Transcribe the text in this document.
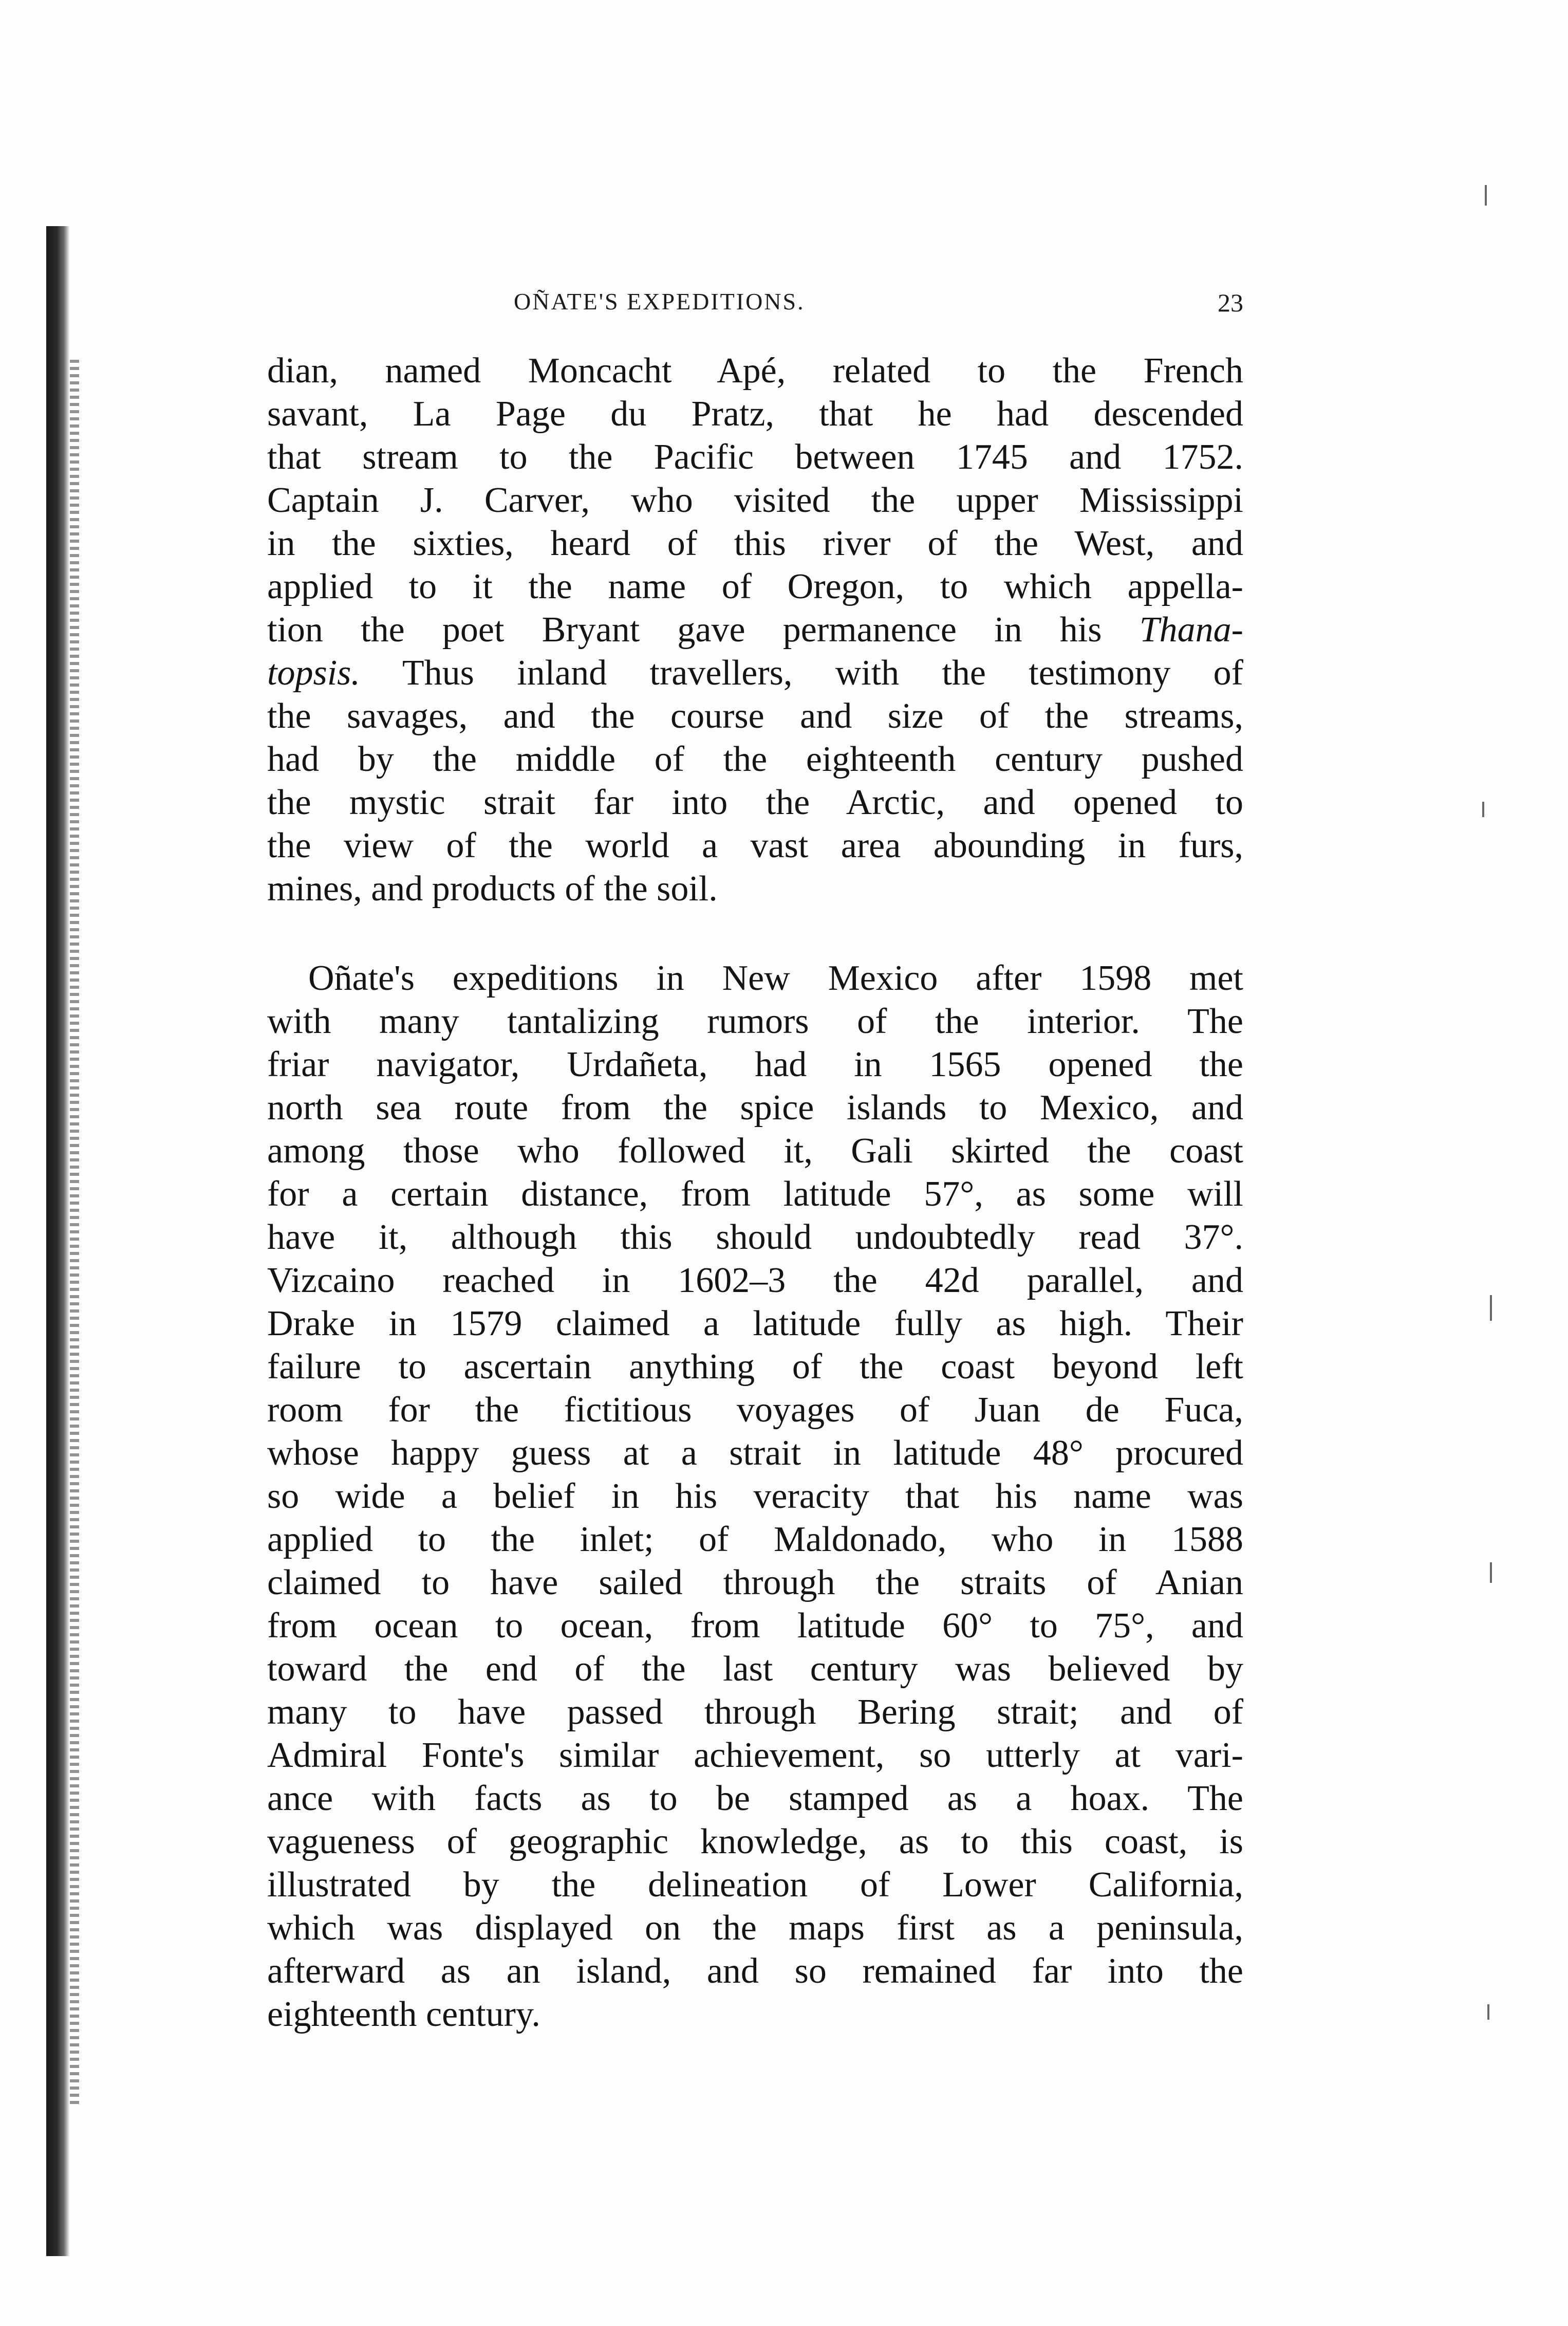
OÑATE'S EXPEDITIONS.	23
dian, named Moncacht Apé, related to the French
savant, La Page du Pratz, that he had descended
that stream to the Pacific between 1745 and 1752.
Captain J. Carver, who visited the upper Mississippi
in the sixties, heard of this river of the West, and
applied to it the name of Oregon, to which appella-
tion the poet Bryant gave permanence in his Thana-
topsis. Thus inland travellers, with the testimony of
the savages, and the course and size of the streams,
had by the middle of the eighteenth century pushed
the mystic strait far into the Arctic, and opened to
the view of the world a vast area abounding in furs,
mines, and products of the soil.
Oñate's expeditions in New Mexico after 1598 met
with many tantalizing rumors of the interior. The
friar navigator, Urdañeta, had in 1565 opened the
north sea route from the spice islands to Mexico, and
among those who followed it, Gali skirted the coast
for a certain distance, from latitude 57°, as some will
have it, although this should undoubtedly read 37°.
Vizcaino reached in 1602–3 the 42d parallel, and
Drake in 1579 claimed a latitude fully as high. Their
failure to ascertain anything of the coast beyond left
room for the fictitious voyages of Juan de Fuca,
whose happy guess at a strait in latitude 48° procured
so wide a belief in his veracity that his name was
applied to the inlet; of Maldonado, who in 1588
claimed to have sailed through the straits of Anian
from ocean to ocean, from latitude 60° to 75°, and
toward the end of the last century was believed by
many to have passed through Bering strait; and of
Admiral Fonte's similar achievement, so utterly at vari-
ance with facts as to be stamped as a hoax. The
vagueness of geographic knowledge, as to this coast, is
illustrated by the delineation of Lower California,
which was displayed on the maps first as a peninsula,
afterward as an island, and so remained far into the
eighteenth century.
